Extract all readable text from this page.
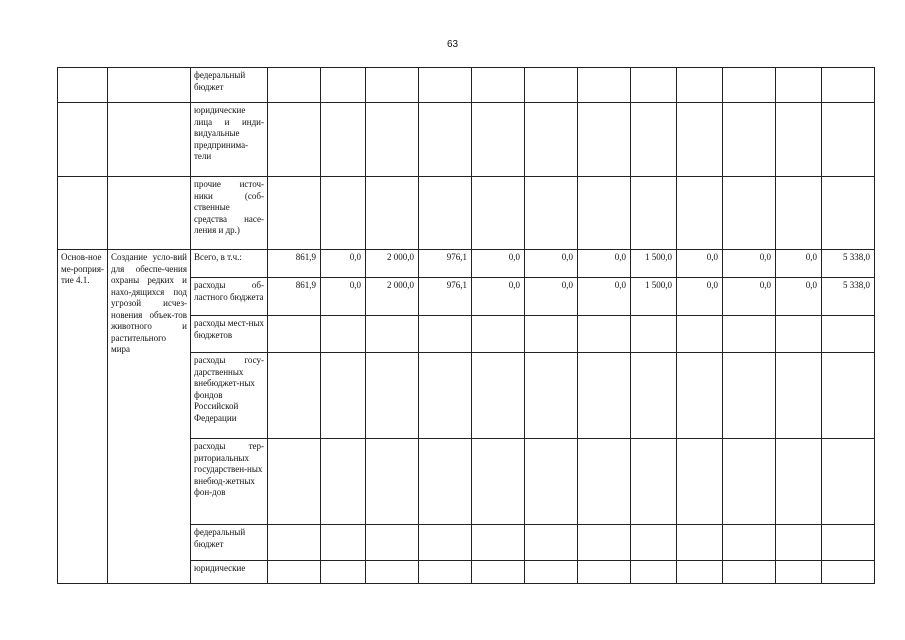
63
		федеральный бюджет												
		юридические лица и инди-видуальные предпринима-тели												
		прочие источ-ники (соб-ственные средства насе-ления и др.)												
Основ-ное ме-роприя-тие 4.1.	Создание усло-вий для обеспе-чения охраны редких и нахо-дящихся под угрозой исчез-новения объек-тов животного и растительного мира	Всего, в т.ч.:	861,9	0,0	2 000,0	976,1	0,0	0,0	0,0	1 500,0	0,0	0,0	0,0	5 338,0
		расходы об-ластного бюджета	861,9	0,0	2 000,0	976,1	0,0	0,0	0,0	1 500,0	0,0	0,0	0,0	5 338,0
		расходы мест-ных бюджетов												
		расходы госу-дарственных внебюджет-ных фондов Российской Федерации												
		расходы тер-риториальных государствен-ных внебюд-жетных фон-дов												
		федеральный бюджет												
		юридические												
